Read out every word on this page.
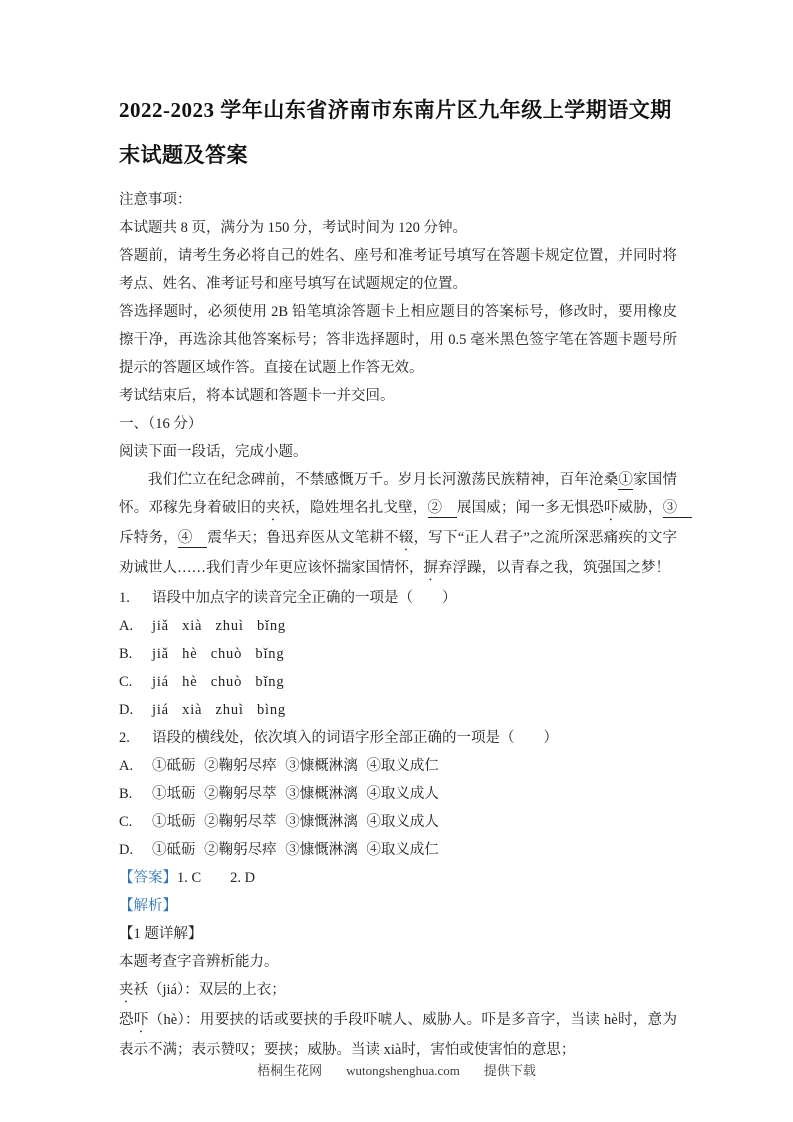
2022-2023 学年山东省济南市东南片区九年级上学期语文期末试题及答案

注意事项：

本试题共 8 页，满分为 150 分，考试时间为 120 分钟。

答题前，请考生务必将自己的姓名、座号和准考证号填写在答题卡规定位置，并同时将考点、姓名、准考证号和座号填写在试题规定的位置。

答选择题时，必须使用 2B 铅笔填涂答题卡上相应题目的答案标号，修改时，要用橡皮擦干净，再选涂其他答案标号；答非选择题时，用 0.5 毫米黑色签字笔在答题卡题号所提示的答题区域作答。直接在试题上作答无效。

考试结束后，将本试题和答题卡一并交回。

一、（16 分）

阅读下面一段话，完成小题。

我们伫立在纪念碑前，不禁感慨万千。岁月长河激荡民族精神，百年沧桑①家国情怀。邓稼先身着破旧的夹袄，隐姓埋名扎戈壁，②　展国威；闻一多无惧恐吓威胁，③　斥特务，④　震华天；鲁迅弃医从文笔耕不辍，写下“正人君子”之流所深恶痛疾的文字劝诫世人……我们青少年更应该怀揣家国情怀，摒弃浮躁，以青春之我，筑强国之梦！

1. 语段中加点字的读音完全正确的一项是（　　）

A. jiǎ   xià   zhuì   bǐng

B. jiǎ   hè   chuò   bǐng

C. jiá   hè   chuò   bǐng

D. jiá   xià   zhuì   bìng

2. 语段的横线处，依次填入的词语字形全部正确的一项是（　　）

A. ①砥砺 ②鞠躬尽瘁 ③慷概淋漓 ④取义成仁

B. ①坻砺 ②鞠躬尽萃 ③慷概淋漓 ④取义成人

C. ①坻砺 ②鞠躬尽萃 ③慷慨淋漓 ④取义成人

D. ①砥砺 ②鞠躬尽瘁 ③慷慨淋漓 ④取义成仁

【答案】1. C　　2. D

【解析】

【1 题详解】

本题考查字音辨析能力。

夹袄（jiá）：双层的上衣；

恐吓（hè）：用要挟的话或要挟的手段吓唬人、威胁人。吓是多音字，当读 hè时，意为表示不满；表示赞叹；要挟；威胁。当读 xià时，害怕或使害怕的意思；

梧桐生花网 wutongshenghua.com 提供下载
